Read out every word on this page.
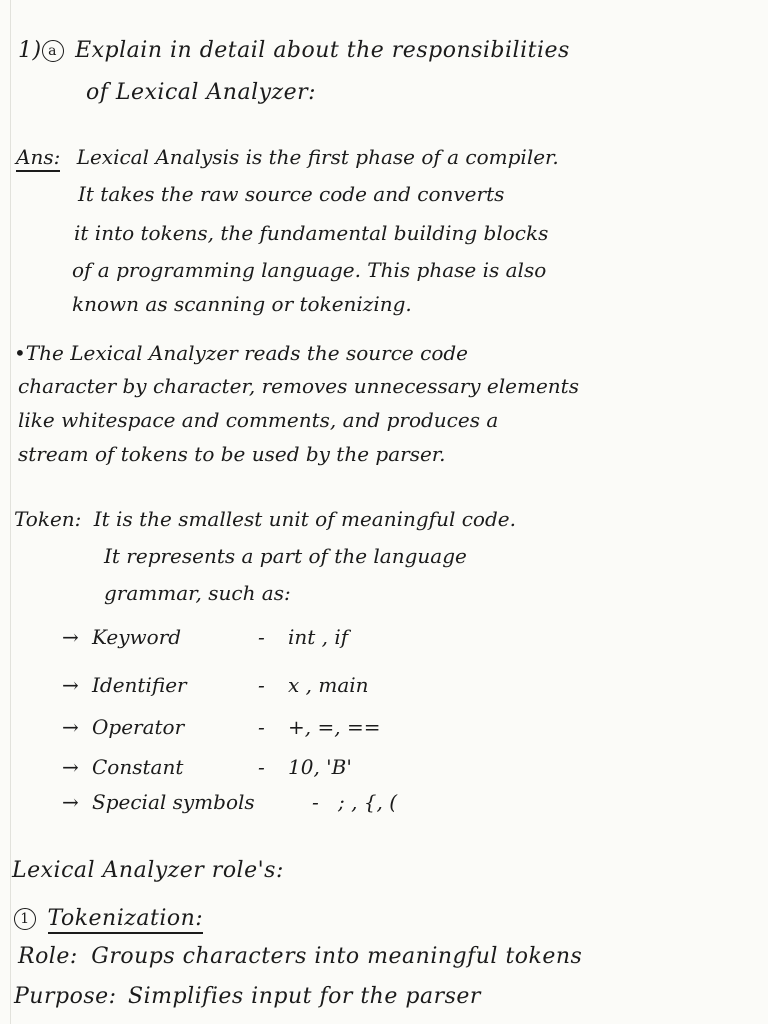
1) a Explain in detail about the responsibilities
of Lexical Analyzer:
Ans: Lexical Analysis is the first phase of a compiler.
It takes the raw source code and converts
it into tokens, the fundamental building blocks
of a programming language. This phase is also
known as scanning or tokenizing.
•The Lexical Analyzer reads the source code
character by character, removes unnecessary elements
like whitespace and comments, and produces a
stream of tokens to be used by the parser.
Token: It is the smallest unit of meaningful code.
It represents a part of the language
grammar, such as:
→ Keyword	- int , if
→ Identifier	- x , main
→ Operator	- +, =, ==
→ Constant	- 10, 'B'
→ Special symbols	- ; , {, (
Lexical Analyzer role's:
1 Tokenization:
Role: Groups characters into meaningful tokens
Purpose: Simplifies input for the parser
